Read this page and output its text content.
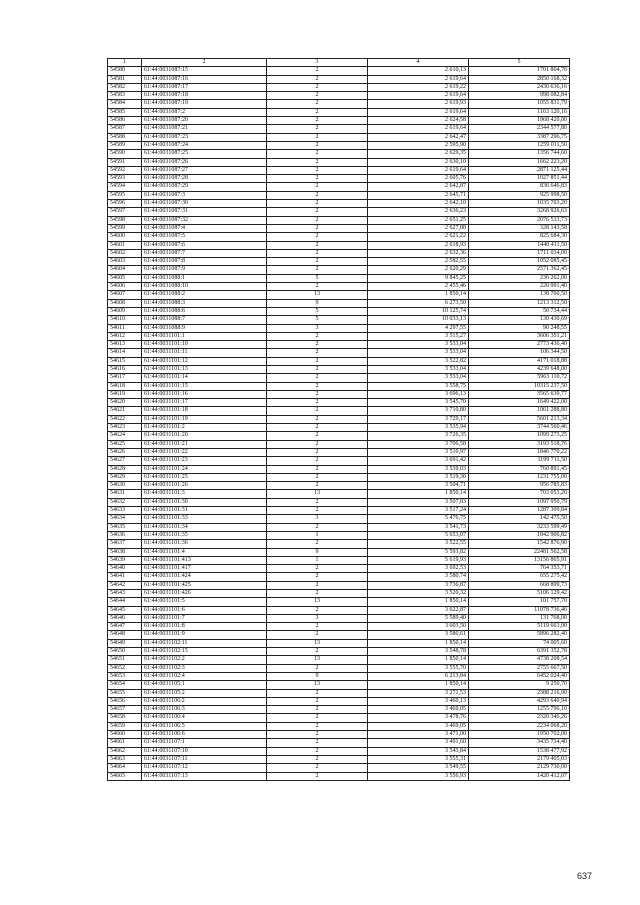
1	2	3	4	5
54580	61:44:0031087:15	2	2 610,13	1701 804,76
54581	61:44:0031087:16	2	2 619,64	2850 168,32
54582	61:44:0031087:17	2	2 619,22	2430 636,16
54583	61:44:0031087:18	2	2 619,64	998 082,84
54584	61:44:0031087:19	2	2 619,93	1055 831,79
54585	61:44:0031087:2	2	2 619,64	1163 120,16
54586	61:44:0031087:20	2	2 624,58	1968 420,00
54587	61:44:0031087:21	2	2 619,64	2344 577,80
54588	61:44:0031087:23	2	2 642,47	3387 296,75
54589	61:44:0031087:24	2	2 595,90	1259 011,50
54590	61:44:0031087:25	2	2 629,35	1356 744,60
54591	61:44:0031087:26	2	2 630,10	1662 223,20
54592	61:44:0031087:27	2	2 619,64	2871 125,44
54593	61:44:0031087:28	2	2 605,76	1027 851,44
54594	61:44:0031087:29	2	2 642,87	836 646,83
54595	61:44:0031087:3	2	2 645,71	925 998,50
54596	61:44:0031087:30	2	2 642,10	1035 703,20
54597	61:44:0031087:31	2	2 636,23	3268 926,63
54598	61:44:0031087:32	2	2 651,25	2076 533,73
54599	61:44:0031087:4	2	2 627,88	328 143,58
54600	61:44:0031087:5	2	2 621,22	825 684,30
54601	61:44:0031087:6	2	2 618,93	1440 411,50
54602	61:44:0031087:7	2	2 632,36	1711 034,00
54603	61:44:0031087:8	2	2 582,55	1052 085,45
54604	61:44:0031087:9	2	2 620,29	2571 362,45
54605	61:44:0031088:1	5	9 845,25	236 262,00
54606	61:44:0031088:10	2	2 455,46	220 991,40
54607	61:44:0031088:2	13	1 850,14	138 760,50
54608	61:44:0031088:3	9	6 273,50	1213 312,50
54609	61:44:0031088:6	5	10 125,74	50 734,44
54610	61:44:0031088:7	5	10 033,13	130 430,69
54611	61:44:0031088:9	3	4 297,55	90 248,55
54612	61:44:0031101:1	2	3 515,27	3606 351,21
54613	61:44:0031101:10	2	3 533,04	2773 436,40
54614	61:44:0031101:11	2	3 533,04	106 344,50
54615	61:44:0031101:12	2	3 522,82	4171 018,88
54616	61:44:0031101:13	2	3 533,04	4239 648,00
54617	61:44:0031101:14	2	3 533,04	5963 110,72
54618	61:44:0031101:15	2	3 558,75	10315 237,50
54619	61:44:0031101:16	2	3 696,13	3565 639,77
54620	61:44:0031101:17	2	3 545,70	1649 422,00
54621	61:44:0031101:18	2	3 710,80	1061 288,80
54622	61:44:0031101:19	2	3 729,17	5601 213,34
54623	61:44:0031101:2	2	3 535,94	3744 560,46
54624	61:44:0031101:20	2	3 726,35	1099 273,25
54625	61:44:0031101:21	2	3 706,58	3193 518,76
54626	61:44:0031101:22	2	3 510,97	1846 770,22
54627	61:44:0031101:23	2	3 691,42	1199 711,50
54628	61:44:0031101:24	2	3 539,03	760 891,45
54629	61:44:0031101:25	2	3 519,30	1231 755,00
54630	61:44:0031101:26	2	3 504,71	956 785,83
54631	61:44:0031101:3	13	1 850,14	703 053,20
54632	61:44:0031101:30	2	3 507,83	1097 950,79
54633	61:44:0031101:31	2	3 517,24	1287 309,84
54634	61:44:0031101:33	3	5 476,75	142 475,50
54635	61:44:0031101:34	2	3 541,73	3233 599,49
54636	61:44:0031101:35	1	5 653,07	1842 906,82
54637	61:44:0031101:36	2	3 522,55	1542 876,90
54638	61:44:0031101:4	9	5 593,82	22481 562,58
54639	61:44:0031101:413	1	5 619,93	13156 865,91
54640	61:44:0031101:417	2	3 692,53	764 353,71
54641	61:44:0031101:424	2	3 580,74	655 275,42
54642	61:44:0031101:425	2	3 736,87	668 899,73
54643	61:44:0031101:426	2	3 520,32	5106 129,42
54644	61:44:0031101:5	13	1 850,14	101 757,70
54645	61:44:0031101:6	2	3 622,87	11078 736,46
54646	61:44:0031101:7	3	5 589,40	131 768,00
54647	61:44:0031101:8	2	3 603,50	5119 663,00
54648	61:44:0031101:9	2	3 580,61	5896 282,40
54649	61:44:0031102:11	13	1 850,14	74 005,60
54650	61:44:0031102:15	2	3 548,78	6391 352,78
54651	61:44:0031102:2	13	1 850,14	4738 208,54
54652	61:44:0031102:3	2	3 555,70	2755 667,50
54653	61:44:0031102:4	9	6 213,84	6452 024,40
54654	61:44:0031105:1	13	1 850,14	9 250,70
54655	61:44:0031105:2	2	3 271,53	2388 216,90
54656	61:44:0031106:2	2	3 460,13	4293 640,94
54657	61:44:0031106:3	2	3 469,05	1255 796,10
54658	61:44:0031106:4	2	3 478,76	2320 346,26
54659	61:44:0031106:5	2	3 469,05	2234 068,20
54660	61:44:0031106:6	2	3 471,00	1950 702,00
54661	61:44:0031107:1	2	3 491,60	3435 734,40
54662	61:44:0031107:10	2	3 543,84	1538 477,92
54663	61:44:0031107:11	2	3 555,31	2179 405,03
54664	61:44:0031107:12	2	3 549,55	2129 730,00
54665	61:44:0031107:13	2	3 556,93	1420 412,07
637
